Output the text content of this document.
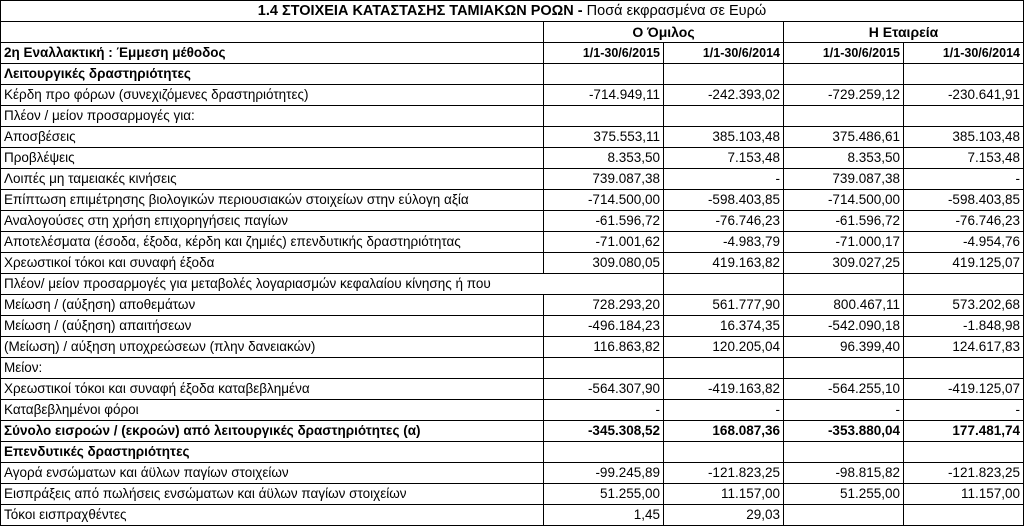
1.4 ΣΤΟΙΧΕΙΑ ΚΑΤΑΣΤΑΣΗΣ ΤΑΜΙΑΚΩΝ ΡΟΩΝ - Ποσά εκφρασμένα σε Ευρώ				
	Ο Όμιλος		Η Εταιρεία	
2η Εναλλακτική : Έμμεση μέθοδος	1/1-30/6/2015	1/1-30/6/2014	1/1-30/6/2015	1/1-30/6/2014
Λειτουργικές δραστηριότητες				
Κέρδη προ φόρων (συνεχιζόμενες δραστηριότητες)	-714.949,11	-242.393,02	-729.259,12	-230.641,91
Πλέον / μείον προσαρμογές για:				
Αποσβέσεις	375.553,11	385.103,48	375.486,61	385.103,48
Προβλέψεις	8.353,50	7.153,48	8.353,50	7.153,48
Λοιπές μη ταμειακές κινήσεις	739.087,38	-	739.087,38	-
Επίπτωση επιμέτρησης βιολογικών περιουσιακών στοιχείων στην εύλογη αξία	-714.500,00	-598.403,85	-714.500,00	-598.403,85
Αναλογούσες στη χρήση επιχορηγήσεις παγίων	-61.596,72	-76.746,23	-61.596,72	-76.746,23
Αποτελέσματα (έσοδα, έξοδα, κέρδη και ζημιές) επενδυτικής δραστηριότητας	-71.001,62	-4.983,79	-71.000,17	-4.954,76
Χρεωστικοί τόκοι και συναφή έξοδα	309.080,05	419.163,82	309.027,25	419.125,07
Πλέον/ μείον προσαρμογές για μεταβολές λογαριασμών κεφαλαίου κίνησης ή που				
Μείωση / (αύξηση) αποθεμάτων	728.293,20	561.777,90	800.467,11	573.202,68
Μείωση / (αύξηση) απαιτήσεων	-496.184,23	16.374,35	-542.090,18	-1.848,98
(Μείωση) / αύξηση υποχρεώσεων (πλην δανειακών)	116.863,82	120.205,04	96.399,40	124.617,83
Μείον:				
Χρεωστικοί τόκοι και συναφή έξοδα καταβεβλημένα	-564.307,90	-419.163,82	-564.255,10	-419.125,07
Καταβεβλημένοι φόροι	-	-	-	-
Σύνολο εισροών / (εκροών) από λειτουργικές δραστηριότητες (α)	-345.308,52	168.087,36	-353.880,04	177.481,74
Επενδυτικές δραστηριότητες				
Αγορά ενσώματων και άϋλων παγίων στοιχείων	-99.245,89	-121.823,25	-98.815,82	-121.823,25
Εισπράξεις από πωλήσεις ενσώματων και άϋλων παγίων στοιχείων	51.255,00	11.157,00	51.255,00	11.157,00
Τόκοι εισπραχθέντες	1,45	29,03		
